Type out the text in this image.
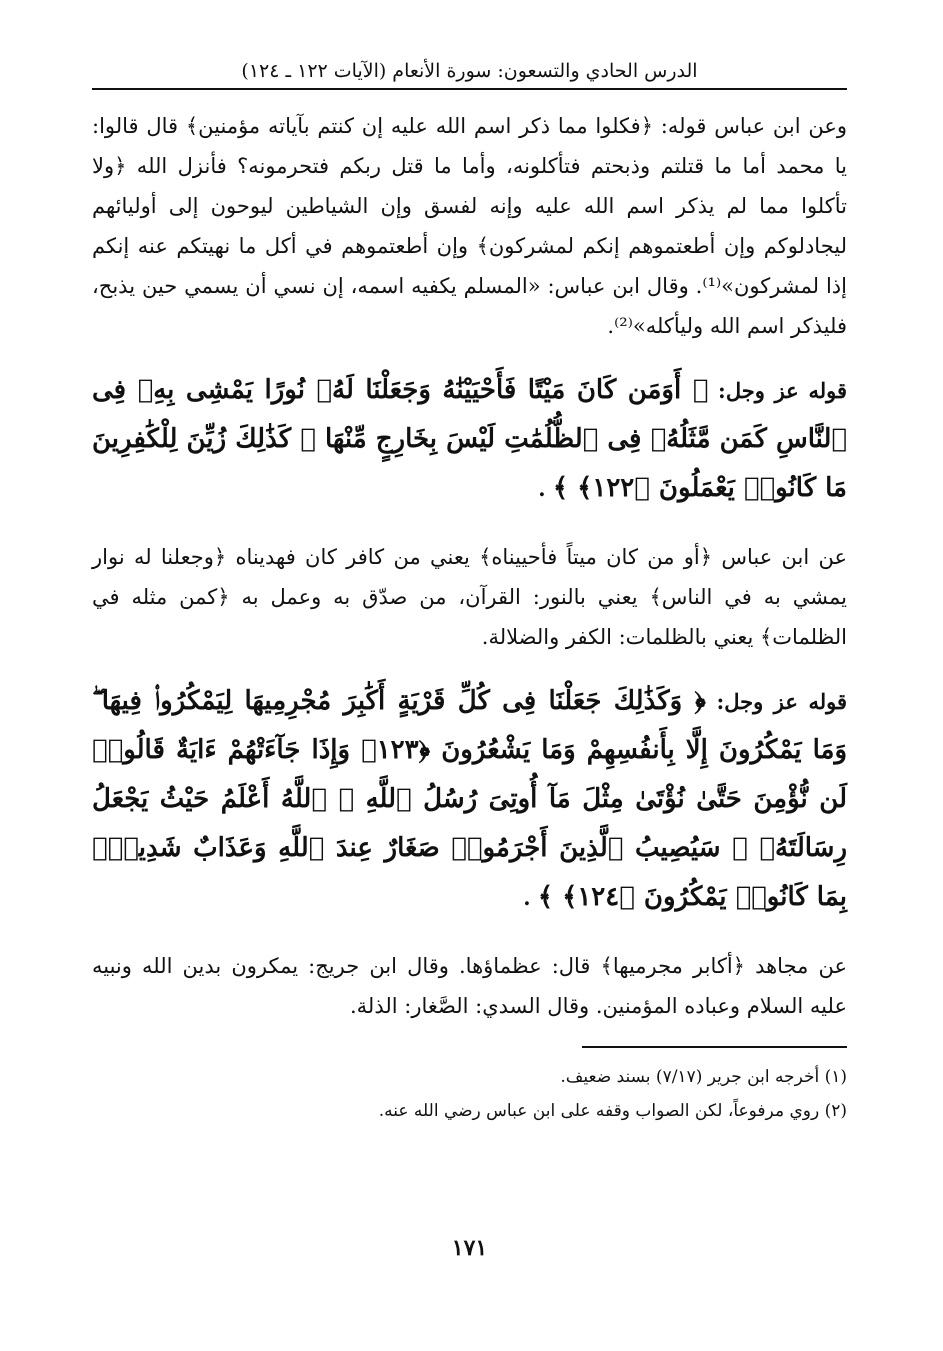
الدرس الحادي والتسعون: سورة الأنعام (الآيات ١٢٢ ـ ١٢٤)

وعن ابن عباس قوله: ﴿فكلوا مما ذكر اسم الله عليه إن كنتم بآياته مؤمنين﴾ قال قالوا: يا محمد أما ما قتلتم وذبحتم فتأكلونه، وأما ما قتل ربكم فتحرمونه؟ فأنزل الله ﴿ولا تأكلوا مما لم يذكر اسم الله عليه وإنه لفسق وإن الشياطين ليوحون إلى أوليائهم ليجادلوكم وإن أطعتموهم إنكم لمشركون﴾ وإن أطعتموهم في أكل ما نهيتكم عنه إنكم إذا لمشركون»⁽¹⁾. وقال ابن عباس: «المسلم يكفيه اسمه، إن نسي أن يسمي حين يذبح، فليذكر اسم الله وليأكله»⁽²⁾.

قوله عز وجل: ﴿ أَوَمَن كَانَ مَيْتًا فَأَحْيَيْنَٰهُ وَجَعَلْنَا لَهُۥ نُورًا يَمْشِى بِهِۦ فِى ٱلنَّاسِ كَمَن مَّثَلُهُۥ فِى ٱلظُّلُمَٰتِ لَيْسَ بِخَارِجٍ مِّنْهَا ۚ كَذَٰلِكَ زُيِّنَ لِلْكَٰفِرِينَ مَا كَانُوا۟ يَعْمَلُونَ ﴿١٢٢﴾ ﴾ .

عن ابن عباس ﴿أو من كان ميتاً فأحييناه﴾ يعني من كافر كان فهديناه ﴿وجعلنا له نوار يمشي به في الناس﴾ يعني بالنور: القرآن، من صدّق به وعمل به ﴿كمن مثله في الظلمات﴾ يعني بالظلمات: الكفر والضلالة.

قوله عز وجل: ﴿ وَكَذَٰلِكَ جَعَلْنَا فِى كُلِّ قَرْيَةٍ أَكَٰبِرَ مُجْرِمِيهَا لِيَمْكُرُوا۟ فِيهَا ۖ وَمَا يَمْكُرُونَ إِلَّا بِأَنفُسِهِمْ وَمَا يَشْعُرُونَ ﴿١٢٣﴾ وَإِذَا جَآءَتْهُمْ ءَايَةٌ قَالُوا۟ لَن نُّؤْمِنَ حَتَّىٰ نُؤْتَىٰ مِثْلَ مَآ أُوتِىَ رُسُلُ ٱللَّهِ ۘ ٱللَّهُ أَعْلَمُ حَيْثُ يَجْعَلُ رِسَالَتَهُۥ ۗ سَيُصِيبُ ٱلَّذِينَ أَجْرَمُوا۟ صَغَارٌ عِندَ ٱللَّهِ وَعَذَابٌ شَدِيدٌۢ بِمَا كَانُوا۟ يَمْكُرُونَ ﴿١٢٤﴾ ﴾ .

عن مجاهد ﴿أكابر مجرميها﴾ قال: عظماؤها. وقال ابن جريج: يمكرون بدين الله ونبيه عليه السلام وعباده المؤمنين. وقال السدي: الصَّغار: الذلة.

(١) أخرجه ابن جرير (٧/١٧) بسند ضعيف.

(٢) روي مرفوعاً، لكن الصواب وقفه على ابن عباس رضي الله عنه.

١٧١
